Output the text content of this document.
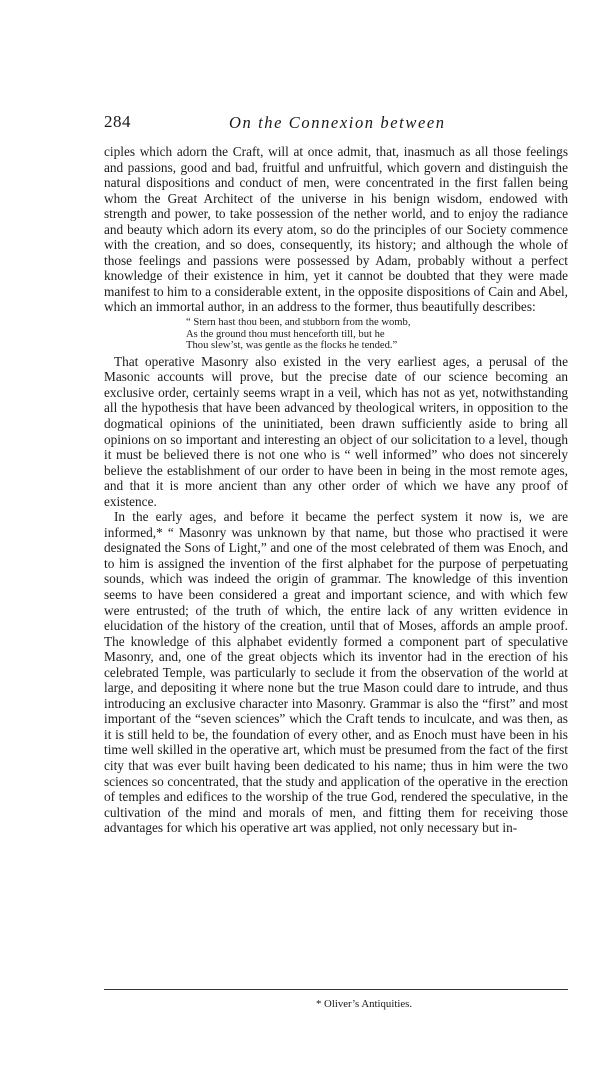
284	On the Connexion between

ciples which adorn the Craft, will at once admit, that, inasmuch as all those feelings and passions, good and bad, fruitful and unfruitful, which govern and distinguish the natural dispositions and conduct of men, were concentrated in the first fallen being whom the Great Architect of the universe in his benign wisdom, endowed with strength and power, to take possession of the nether world, and to enjoy the radiance and beauty which adorn its every atom, so do the principles of our Society commence with the creation, and so does, consequently, its history; and although the whole of those feelings and passions were possessed by Adam, probably without a perfect knowledge of their existence in him, yet it cannot be doubted that they were made manifest to him to a considerable extent, in the opposite dispositions of Cain and Abel, which an immortal author, in an address to the former, thus beautifully describes:

“ Stern hast thou been, and stubborn from the womb,
As the ground thou must henceforth till, but he
Thou slew’st, was gentle as the flocks he tended.”

That operative Masonry also existed in the very earliest ages, a perusal of the Masonic accounts will prove, but the precise date of our science becoming an exclusive order, certainly seems wrapt in a veil, which has not as yet, notwithstanding all the hypothesis that have been advanced by theological writers, in opposition to the dogmatical opinions of the uninitiated, been drawn sufficiently aside to bring all opinions on so important and interesting an object of our solicitation to a level, though it must be believed there is not one who is “ well informed” who does not sincerely believe the establishment of our order to have been in being in the most remote ages, and that it is more ancient than any other order of which we have any proof of existence.

In the early ages, and before it became the perfect system it now is, we are informed,* “ Masonry was unknown by that name, but those who practised it were designated the Sons of Light,” and one of the most celebrated of them was Enoch, and to him is assigned the invention of the first alphabet for the purpose of perpetuating sounds, which was indeed the origin of grammar. The knowledge of this invention seems to have been considered a great and important science, and with which few were entrusted; of the truth of which, the entire lack of any written evidence in elucidation of the history of the creation, until that of Moses, affords an ample proof. The knowledge of this alphabet evidently formed a component part of speculative Masonry, and, one of the great objects which its inventor had in the erection of his celebrated Temple, was particularly to seclude it from the observation of the world at large, and depositing it where none but the true Mason could dare to intrude, and thus introducing an exclusive character into Masonry. Grammar is also the “first” and most important of the “seven sciences” which the Craft tends to inculcate, and was then, as it is still held to be, the foundation of every other, and as Enoch must have been in his time well skilled in the operative art, which must be presumed from the fact of the first city that was ever built having been dedicated to his name; thus in him were the two sciences so concentrated, that the study and application of the operative in the erection of temples and edifices to the worship of the true God, rendered the speculative, in the cultivation of the mind and morals of men, and fitting them for receiving those advantages for which his operative art was applied, not only necessary but in-

* Oliver’s Antiquities.
